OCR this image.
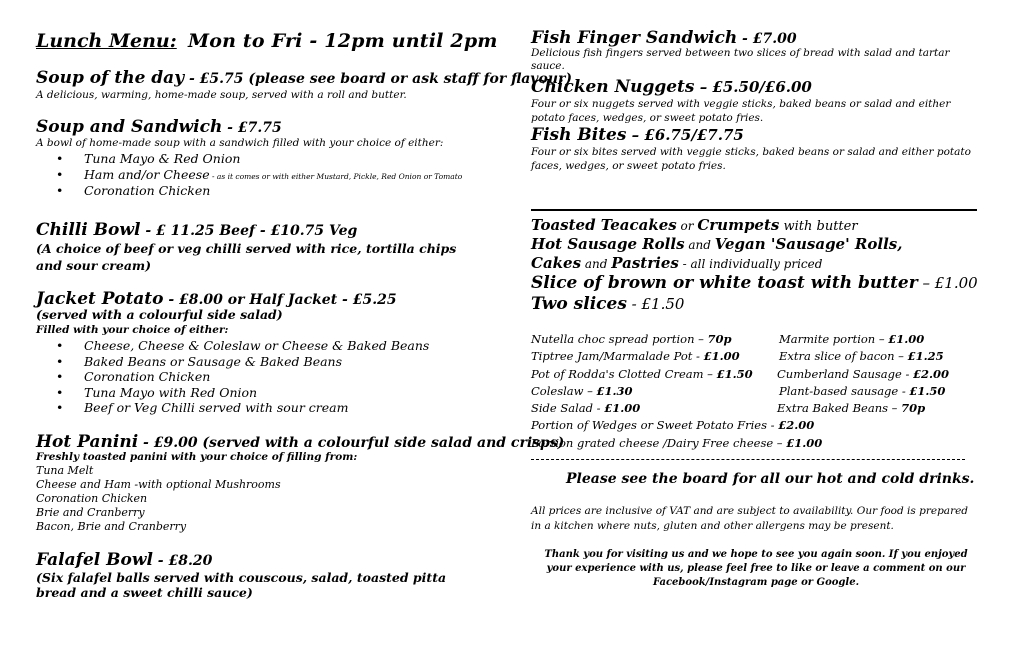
Lunch Menu: Mon to Fri - 12pm until 2pm
Soup of the day - £5.75 (please see board or ask staff for flavour)
A delicious, warming, home-made soup, served with a roll and butter.
Soup and Sandwich - £7.75
A bowl of home-made soup with a sandwich filled with your choice of either:
• Tuna Mayo & Red Onion
• Ham and/or Cheese - as it comes or with either Mustard, Pickle, Red Onion or Tomato
• Coronation Chicken
Chilli Bowl - £ 11.25 Beef - £10.75 Veg
(A choice of beef or veg chilli served with rice, tortilla chips and sour cream)
Jacket Potato - £8.00 or Half Jacket - £5.25
(served with a colourful side salad)
Filled with your choice of either:
• Cheese, Cheese & Coleslaw or Cheese & Baked Beans
• Baked Beans or Sausage & Baked Beans
• Coronation Chicken
• Tuna Mayo with Red Onion
• Beef or Veg Chilli served with sour cream
Hot Panini - £9.00 (served with a colourful side salad and crisps)
Freshly toasted panini with your choice of filling from:
Tuna Melt
Cheese and Ham -with optional Mushrooms
Coronation Chicken
Brie and Cranberry
Bacon, Brie and Cranberry
Falafel Bowl - £8.20
(Six falafel balls served with couscous, salad, toasted pitta bread and a sweet chilli sauce)
Fish Finger Sandwich - £7.00
Delicious fish fingers served between two slices of bread with salad and tartar sauce.
Chicken Nuggets – £5.50/£6.00
Four or six nuggets served with veggie sticks, baked beans or salad and either potato faces, wedges, or sweet potato fries.
Fish Bites – £6.75/£7.75
Four or six bites served with veggie sticks, baked beans or salad and either potato faces, wedges, or sweet potato fries.
Toasted Teacakes or Crumpets with butter
Hot Sausage Rolls and Vegan 'Sausage' Rolls,
Cakes and Pastries - all individually priced
Slice of brown or white toast with butter – £1.00
Two slices - £1.50
Nutella choc spread portion – 70p	Marmite portion – £1.00
Tiptree Jam/Marmalade Pot - £1.00	Extra slice of bacon – £1.25
Pot of Rodda's Clotted Cream – £1.50 Cumberland Sausage - £2.00
Coleslaw – £1.30	Plant-based sausage - £1.50
Side Salad - £1.00	Extra Baked Beans – 70p
Portion of Wedges or Sweet Potato Fries - £2.00
Portion grated cheese /Dairy Free cheese – £1.00
Please see the board for all our hot and cold drinks.
All prices are inclusive of VAT and are subject to availability. Our food is prepared in a kitchen where nuts, gluten and other allergens may be present.
Thank you for visiting us and we hope to see you again soon. If you enjoyed your experience with us, please feel free to like or leave a comment on our Facebook/Instagram page or Google.
